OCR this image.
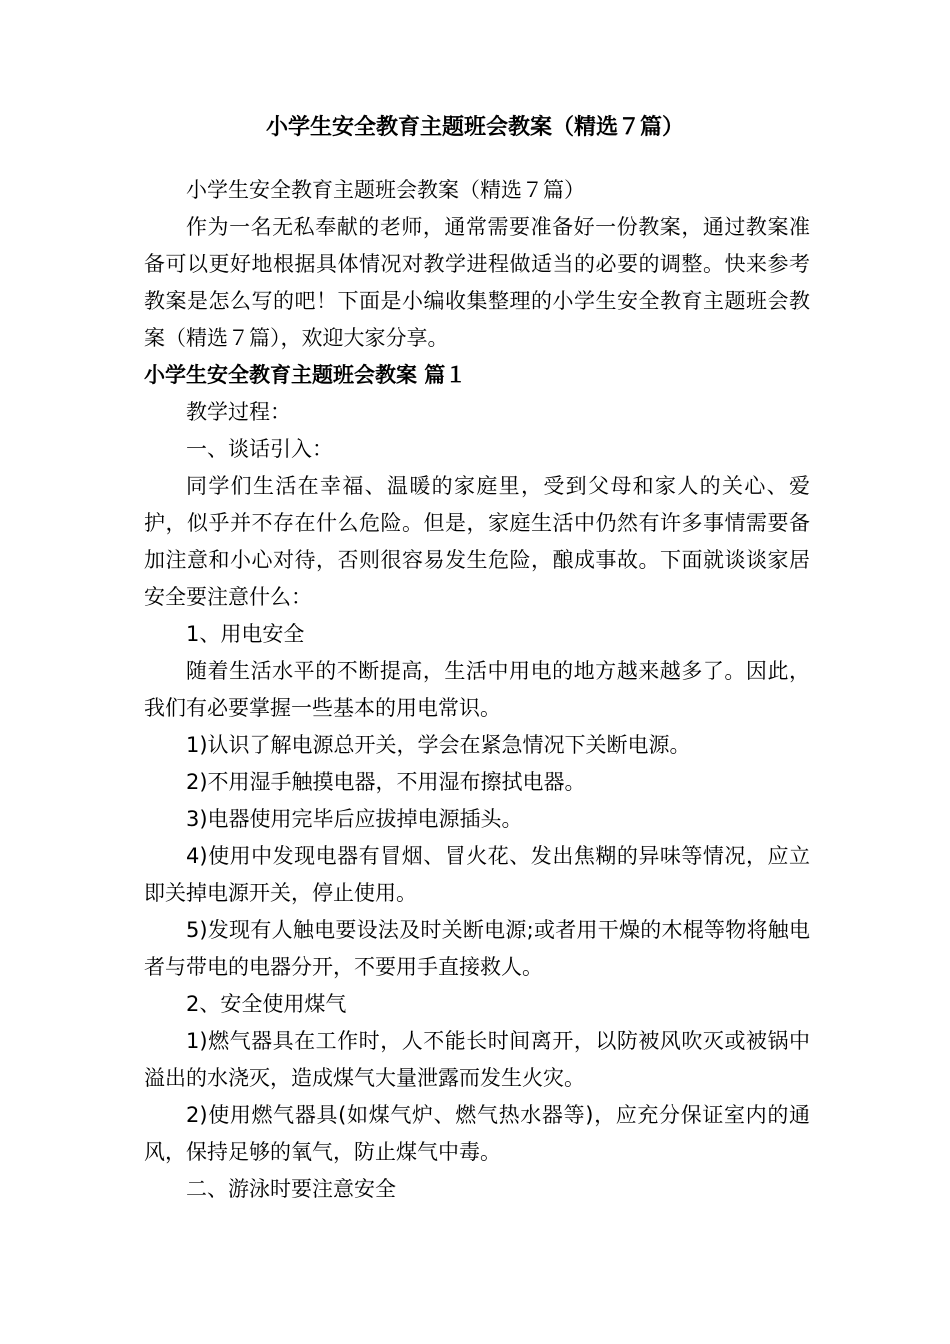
小学生安全教育主题班会教案（精选７篇）

小学生安全教育主题班会教案（精选７篇）

作为一名无私奉献的老师，通常需要准备好一份教案，通过教案准备可以更好地根据具体情况对教学进程做适当的必要的调整。快来参考教案是怎么写的吧！下面是小编收集整理的小学生安全教育主题班会教案（精选７篇），欢迎大家分享。

小学生安全教育主题班会教案 篇１

教学过程：

一、谈话引入：

同学们生活在幸福、温暖的家庭里，受到父母和家人的关心、爱护，似乎并不存在什么危险。但是，家庭生活中仍然有许多事情需要备加注意和小心对待，否则很容易发生危险，酿成事故。下面就谈谈家居安全要注意什么：

1、用电安全

随着生活水平的不断提高，生活中用电的地方越来越多了。因此，我们有必要掌握一些基本的用电常识。

1)认识了解电源总开关，学会在紧急情况下关断电源。

2)不用湿手触摸电器，不用湿布擦拭电器。

3)电器使用完毕后应拔掉电源插头。

4)使用中发现电器有冒烟、冒火花、发出焦糊的异味等情况，应立即关掉电源开关，停止使用。

5)发现有人触电要设法及时关断电源;或者用干燥的木棍等物将触电者与带电的电器分开，不要用手直接救人。

2、安全使用煤气

1)燃气器具在工作时，人不能长时间离开，以防被风吹灭或被锅中溢出的水浇灭，造成煤气大量泄露而发生火灾。

2)使用燃气器具(如煤气炉、燃气热水器等)，应充分保证室内的通风，保持足够的氧气，防止煤气中毒。

二、游泳时要注意安全
